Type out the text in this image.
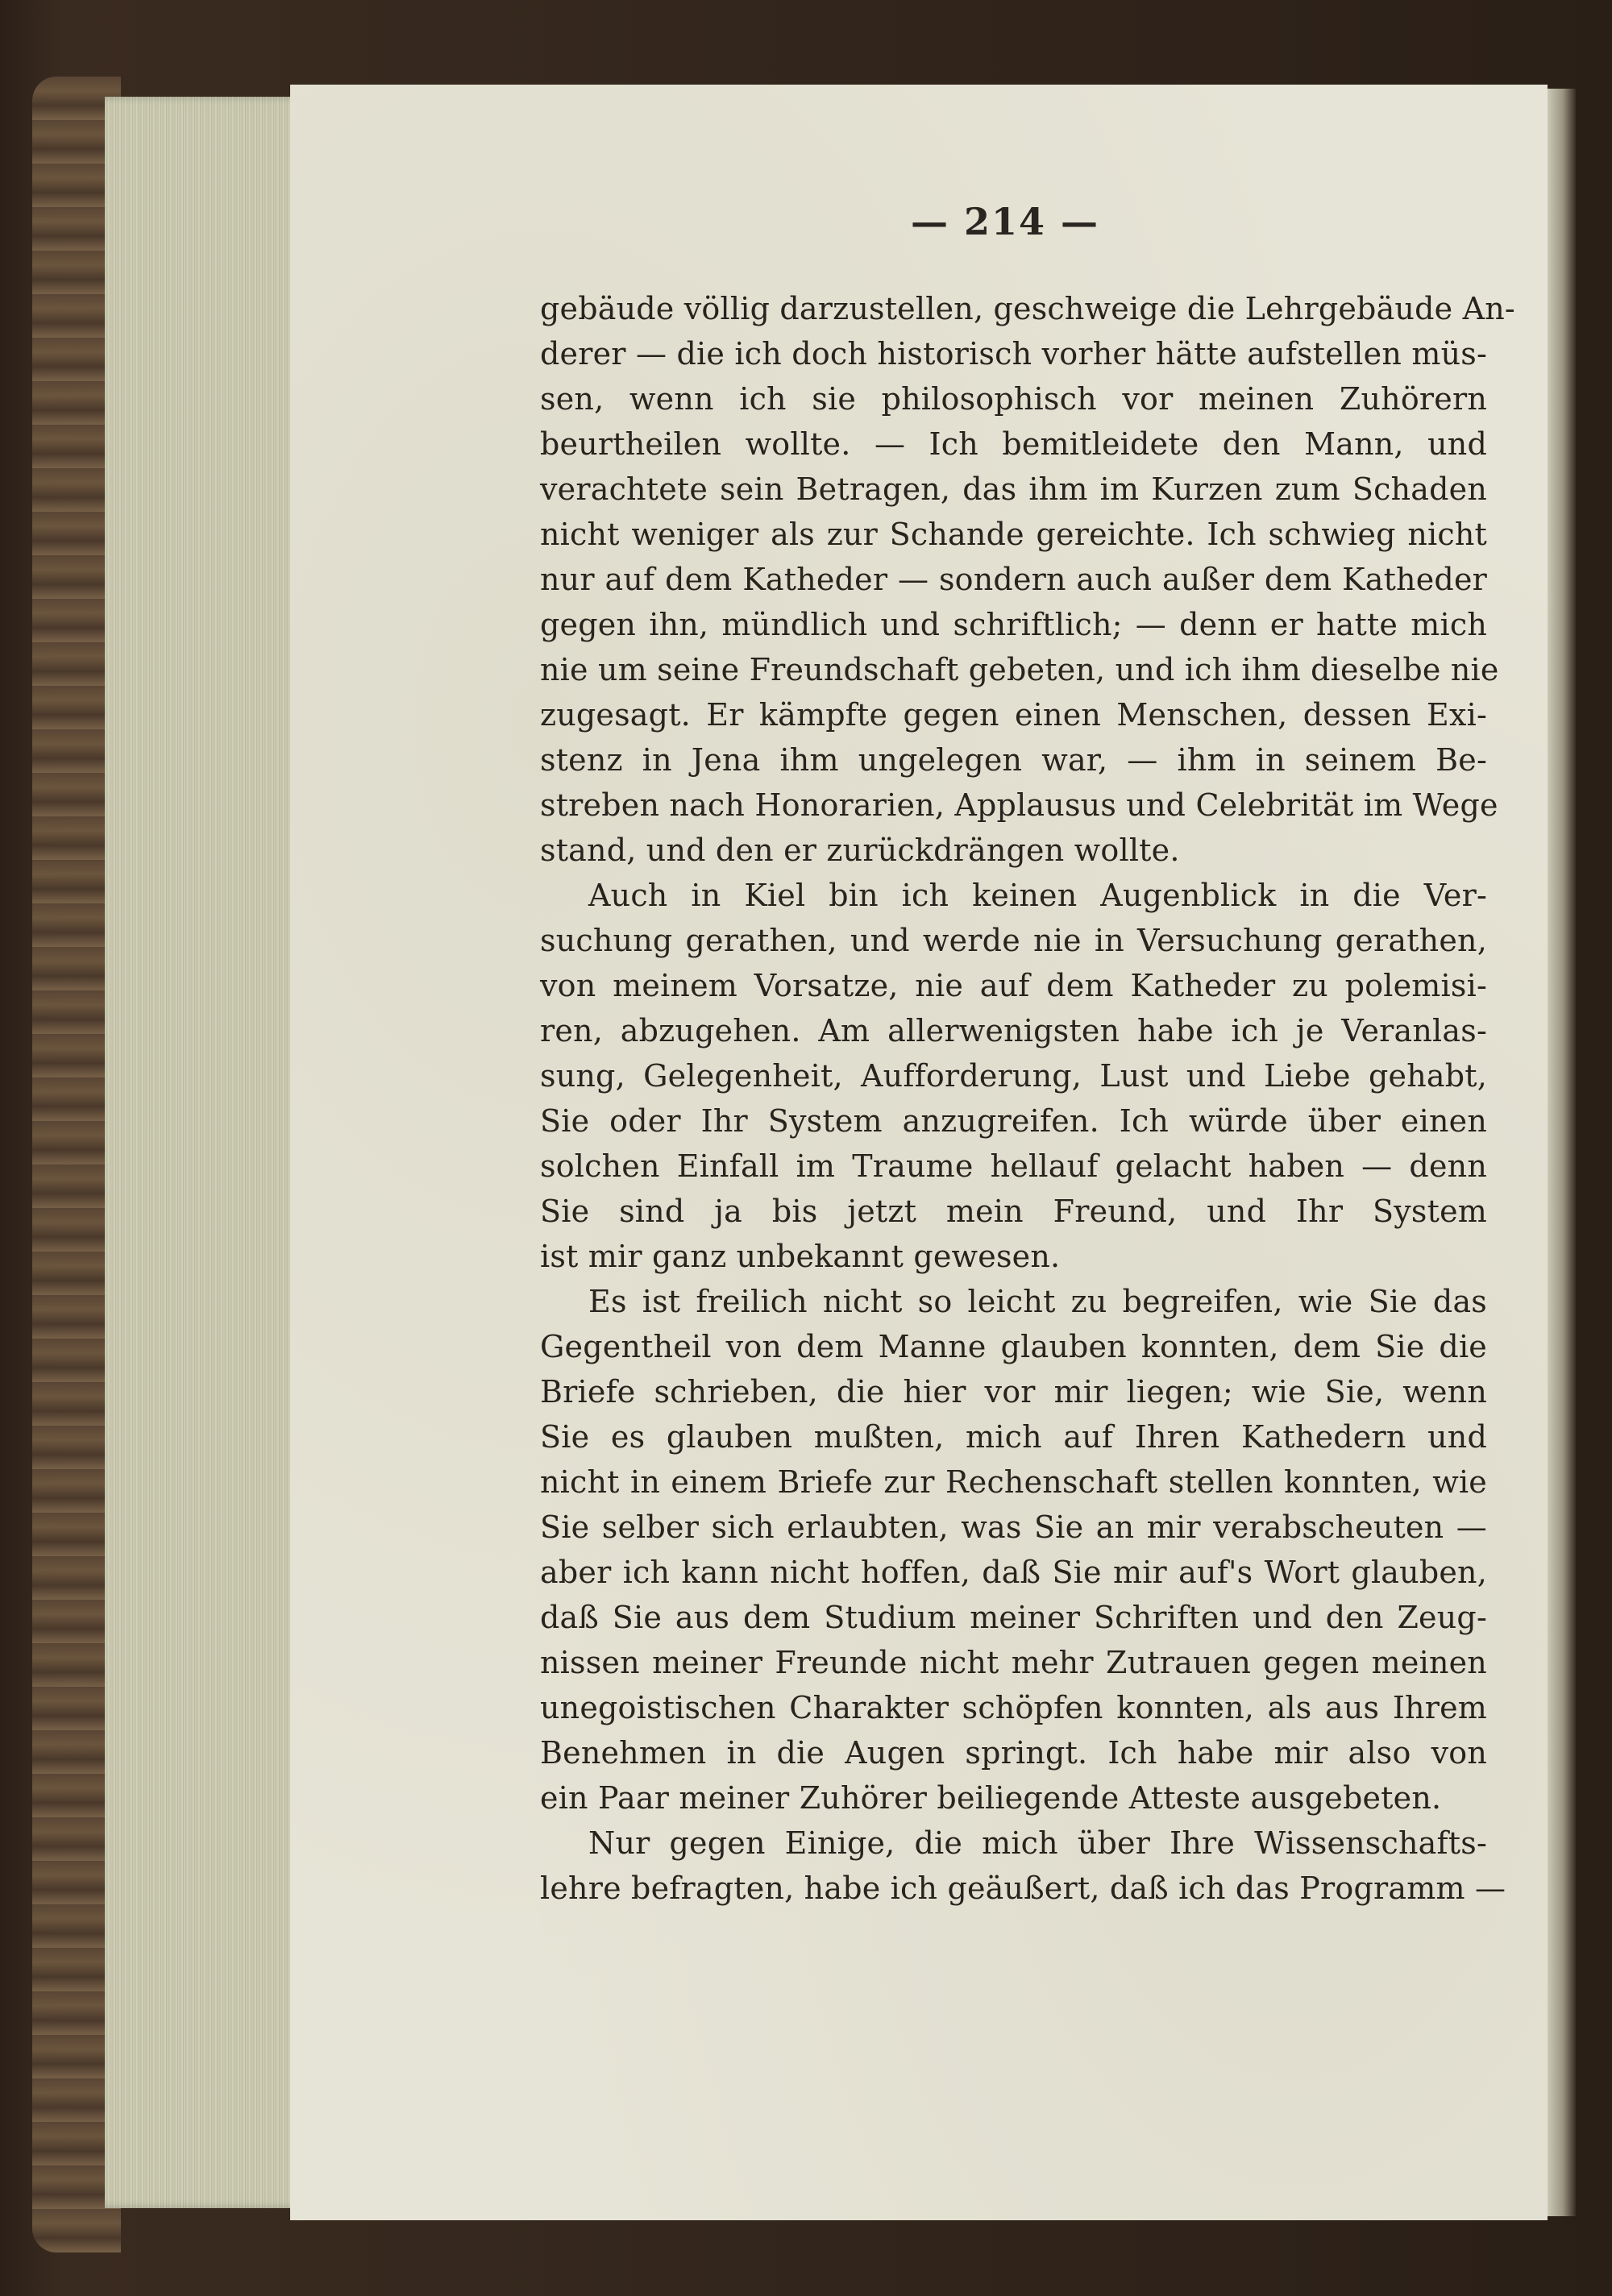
— 214 —
gebäude völlig darzustellen, geschweige die Lehrgebäude An-
derer — die ich doch historisch vorher hätte aufstellen müs-
sen, wenn ich sie philosophisch vor meinen Zuhörern
beurtheilen wollte. — Ich bemitleidete den Mann, und
verachtete sein Betragen, das ihm im Kurzen zum Schaden
nicht weniger als zur Schande gereichte. Ich schwieg nicht
nur auf dem Katheder — sondern auch außer dem Katheder
gegen ihn, mündlich und schriftlich; — denn er hatte mich
nie um seine Freundschaft gebeten, und ich ihm dieselbe nie
zugesagt. Er kämpfte gegen einen Menschen, dessen Exi-
stenz in Jena ihm ungelegen war, — ihm in seinem Be-
streben nach Honorarien, Applausus und Celebrität im Wege
stand, und den er zurückdrängen wollte.
Auch in Kiel bin ich keinen Augenblick in die Ver-
suchung gerathen, und werde nie in Versuchung gerathen,
von meinem Vorsatze, nie auf dem Katheder zu polemisi-
ren, abzugehen. Am allerwenigsten habe ich je Veranlas-
sung, Gelegenheit, Aufforderung, Lust und Liebe gehabt,
Sie oder Ihr System anzugreifen. Ich würde über einen
solchen Einfall im Traume hellauf gelacht haben — denn
Sie sind ja bis jetzt mein Freund, und Ihr System
ist mir ganz unbekannt gewesen.
Es ist freilich nicht so leicht zu begreifen, wie Sie das
Gegentheil von dem Manne glauben konnten, dem Sie die
Briefe schrieben, die hier vor mir liegen; wie Sie, wenn
Sie es glauben mußten, mich auf Ihren Kathedern und
nicht in einem Briefe zur Rechenschaft stellen konnten, wie
Sie selber sich erlaubten, was Sie an mir verabscheuten —
aber ich kann nicht hoffen, daß Sie mir auf's Wort glauben,
daß Sie aus dem Studium meiner Schriften und den Zeug-
nissen meiner Freunde nicht mehr Zutrauen gegen meinen
unegoistischen Charakter schöpfen konnten, als aus Ihrem
Benehmen in die Augen springt. Ich habe mir also von
ein Paar meiner Zuhörer beiliegende Atteste ausgebeten.
Nur gegen Einige, die mich über Ihre Wissenschafts-
lehre befragten, habe ich geäußert, daß ich das Programm —
